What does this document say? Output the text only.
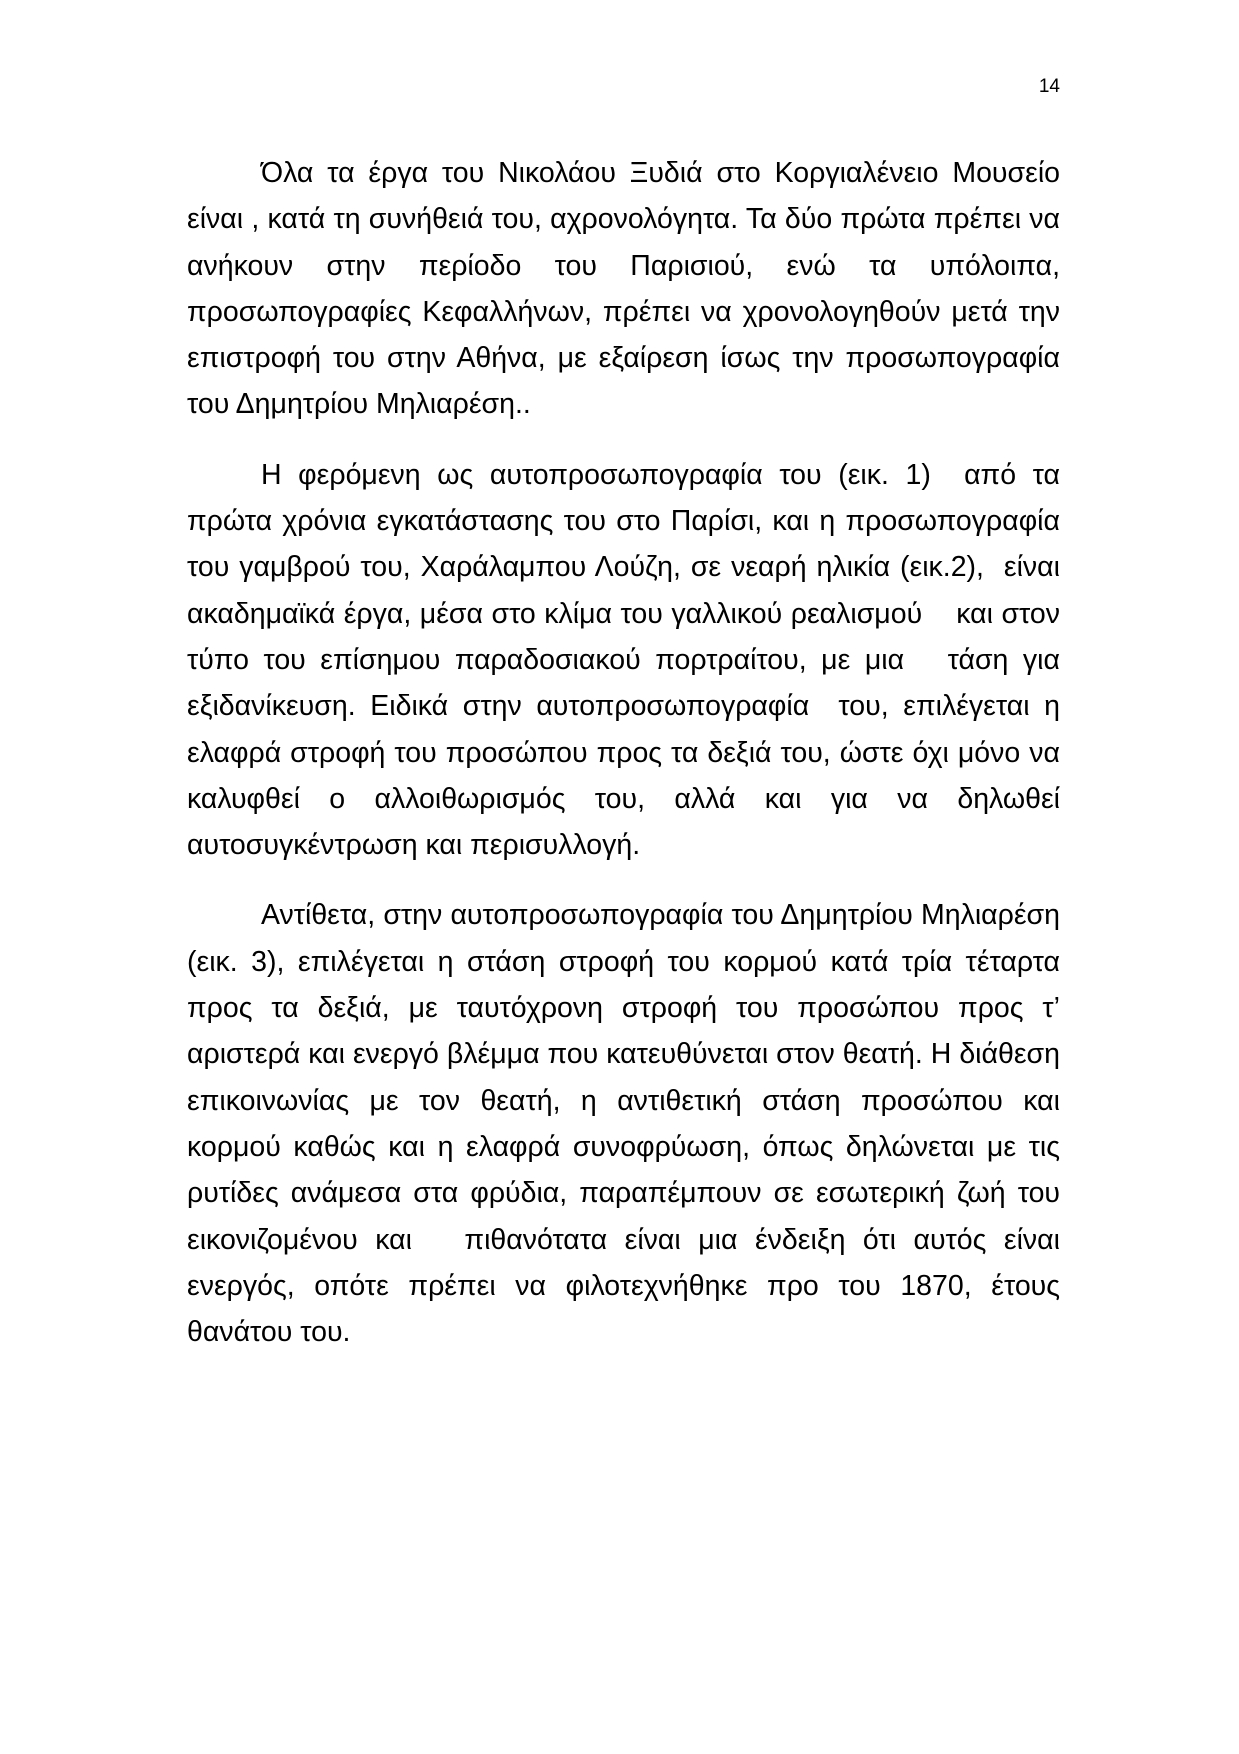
14

Όλα τα έργα του Νικολάου Ξυδιά στο Κοργιαλένειο Μουσείο είναι , κατά τη συνήθειά του, αχρονολόγητα. Τα δύο πρώτα πρέπει να ανήκουν στην περίοδο του Παρισιού, ενώ τα υπόλοιπα, προσωπογραφίες Κεφαλλήνων, πρέπει να χρονολογηθούν μετά την επιστροφή του στην Αθήνα, με εξαίρεση ίσως την προσωπογραφία του Δημητρίου Μηλιαρέση..

Η φερόμενη ως αυτοπροσωπογραφία του (εικ. 1)  από τα πρώτα χρόνια εγκατάστασης του στο Παρίσι, και η προσωπογραφία του γαμβρού του, Χαράλαμπου Λούζη, σε νεαρή ηλικία (εικ.2),  είναι ακαδημαϊκά έργα, μέσα στο κλίμα του γαλλικού ρεαλισμού    και στον τύπο του επίσημου παραδοσιακού πορτραίτου, με μια   τάση για εξιδανίκευση. Ειδικά στην αυτοπροσωπογραφία  του, επιλέγεται η  ελαφρά στροφή του προσώπου προς τα δεξιά του, ώστε όχι μόνο να καλυφθεί ο αλλοιθωρισμός του, αλλά και για να δηλωθεί αυτοσυγκέντρωση και περισυλλογή.

Αντίθετα, στην αυτοπροσωπογραφία του Δημητρίου Μηλιαρέση (εικ. 3), επιλέγεται η στάση στροφή του κορμού κατά τρία τέταρτα  προς τα δεξιά, με ταυτόχρονη στροφή του προσώπου προς τ’ αριστερά και ενεργό βλέμμα που κατευθύνεται στον θεατή. Η διάθεση επικοινωνίας με τον θεατή, η αντιθετική στάση προσώπου και κορμού καθώς και η ελαφρά συνοφρύωση, όπως δηλώνεται με τις ρυτίδες ανάμεσα στα φρύδια, παραπέμπουν σε εσωτερική ζωή του εικονιζομένου και   πιθανότατα είναι μια ένδειξη ότι αυτός είναι ενεργός, οπότε πρέπει να φιλοτεχνήθηκε προ του 1870, έτους θανάτου του.
